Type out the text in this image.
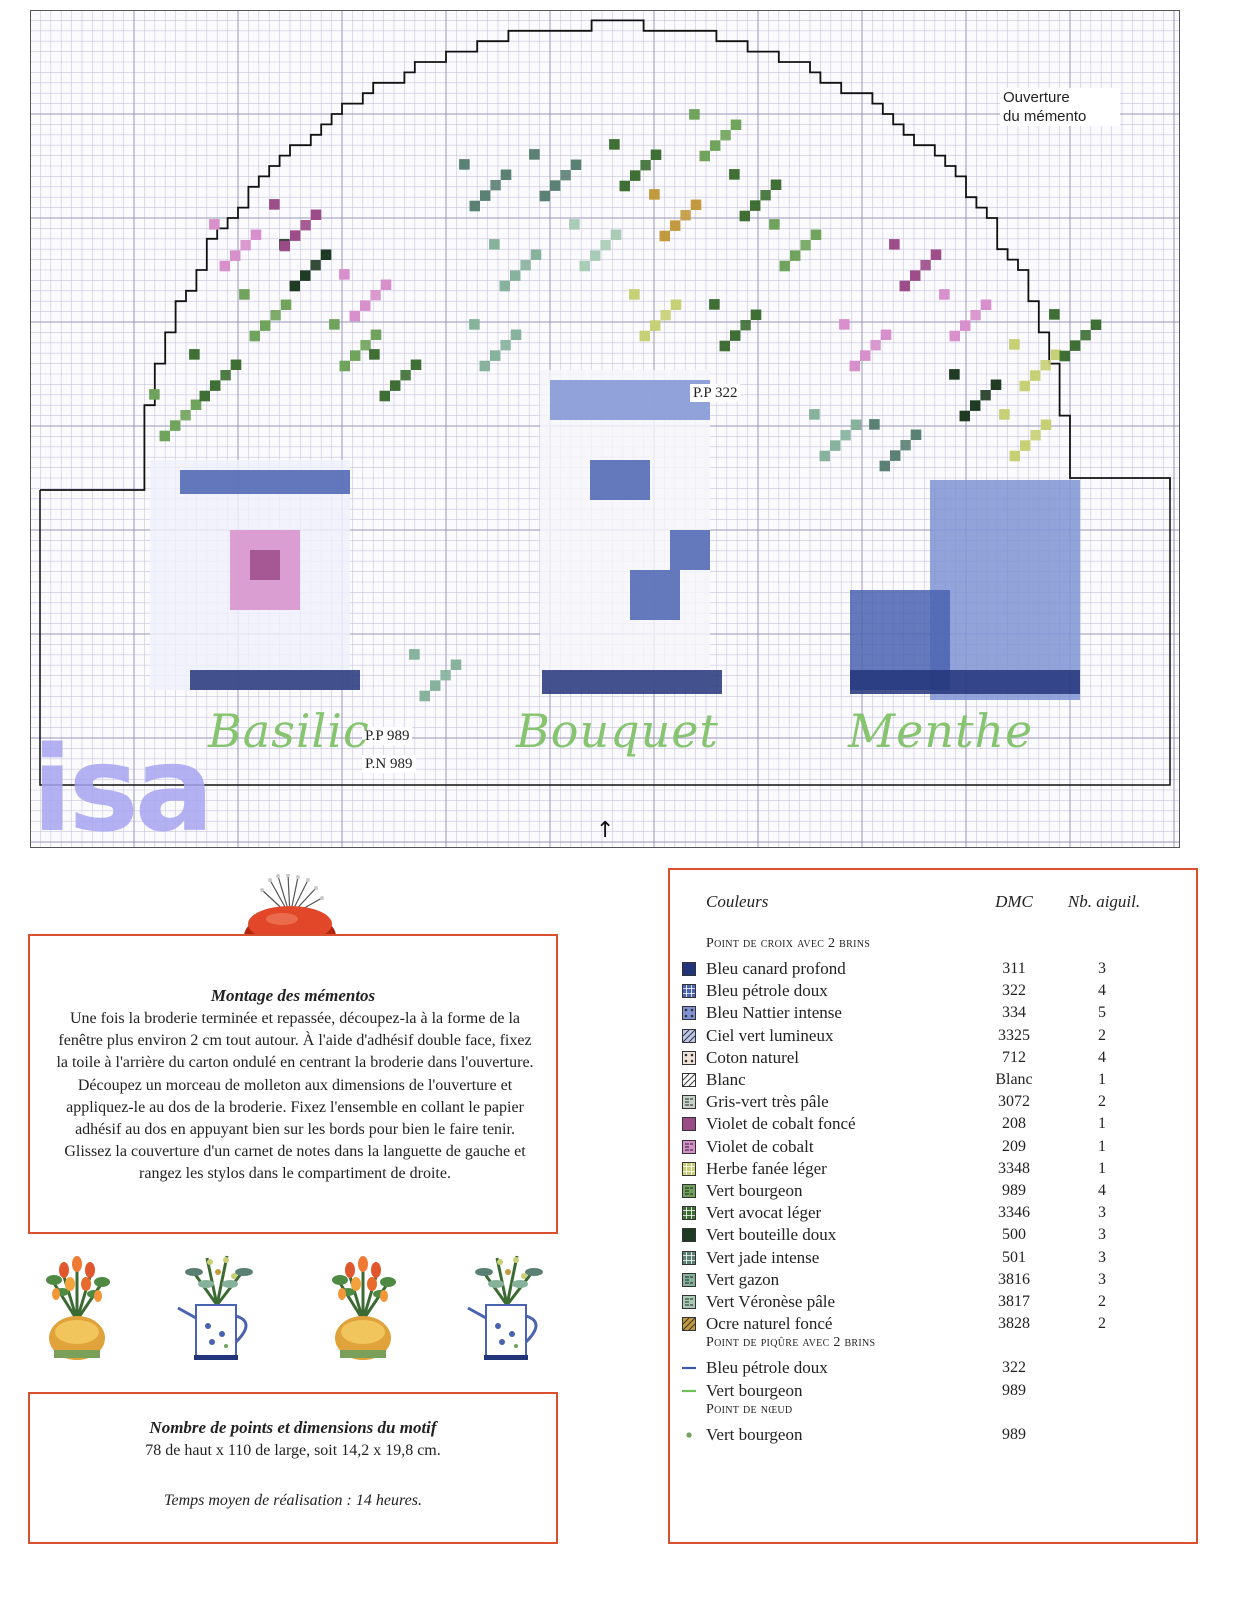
Ouverture
du mémento
P.P 322
P.P 989
P.N 989
Basilic	Bouquet	Menthe
isa	↑
Montage des mémentos

Une fois la broderie terminée et repassée, découpez-la à la forme de la fenêtre plus environ 2 cm tout autour. À l'aide d'adhésif double face, fixez la toile à l'arrière du carton ondulé en centrant la broderie dans l'ouverture. Découpez un morceau de molleton aux dimensions de l'ouverture et appliquez-le au dos de la broderie. Fixez l'ensemble en collant le papier adhésif au dos en appuyant bien sur les bords pour bien le faire tenir. Glissez la couverture d'un carnet de notes dans la languette de gauche et rangez les stylos dans le compartiment de droite.

Nombre de points et dimensions du motif
78 de haut x 110 de large, soit 14,2 x 19,8 cm.
Temps moyen de réalisation : 14 heures.
Couleurs	DMC	Nb. aiguil.
Point de croix avec 2 brins
Bleu canard profond	311	3
Bleu pétrole doux	322	4
Bleu Nattier intense	334	5
Ciel vert lumineux	3325	2
Coton naturel	712	4
Blanc	Blanc	1
Gris-vert très pâle	3072	2
Violet de cobalt foncé	208	1
Violet de cobalt	209	1
Herbe fanée léger	3348	1
Vert bourgeon	989	4
Vert avocat léger	3346	3
Vert bouteille doux	500	3
Vert jade intense	501	3
Vert gazon	3816	3
Vert Véronèse pâle	3817	2
Ocre naturel foncé	3828	2
Point de piqûre avec 2 brins
Bleu pétrole doux	322
Vert bourgeon	989
Point de nœud
Vert bourgeon	989
